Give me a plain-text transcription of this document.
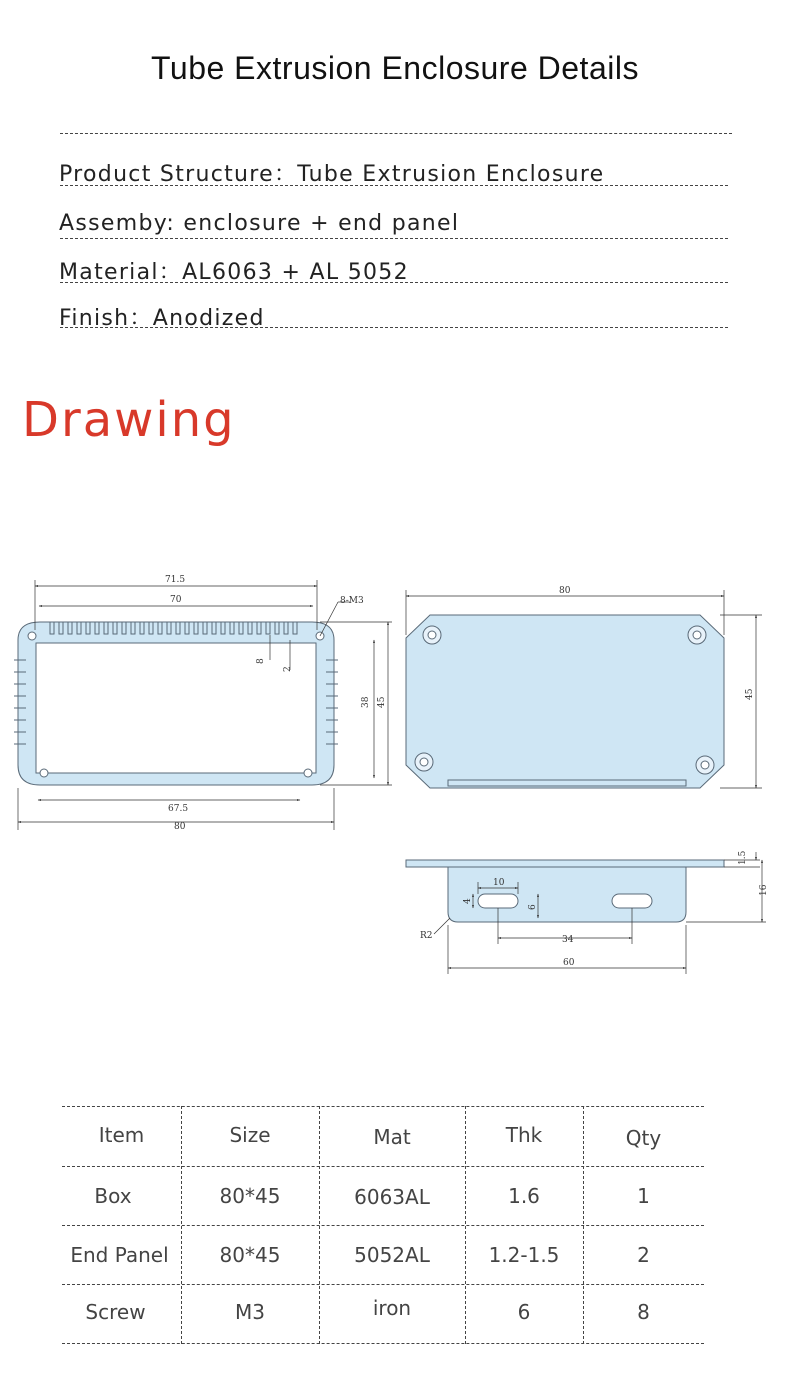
Tube Extrusion Enclosure Details
Product Structure：Tube Extrusion Enclosure
Assemby: enclosure + end panel
Material：AL6063 + AL 5052
Finish：Anodized
Drawing
71.5
70	8-M3
8
2
38 45
67.5
80
80
45
1.5
16
10
4
6
34
R2
60
Item	Size	Mat	Thk	Qty
Box	80*45	6063AL	1.6	1
End Panel	80*45	5052AL	1.2-1.5	2
Screw	M3	iron	6	8
